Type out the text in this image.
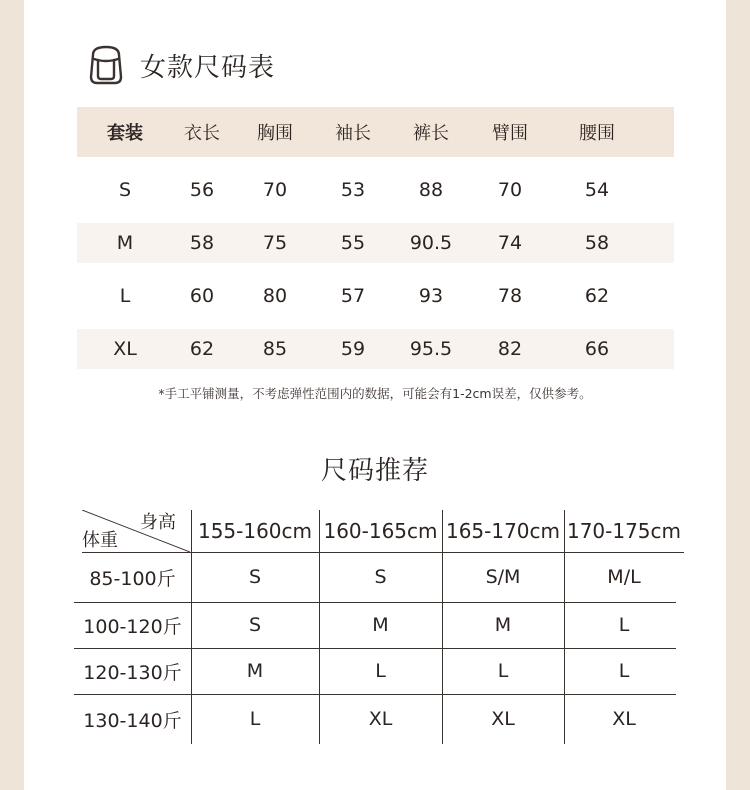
女款尺码表
套装	衣长	胸围	袖长	裤长	臂围	腰围
S	56	70	53	88	70	54
M	58	75	55	90.5	74	58
L	60	80	57	93	78	62
XL	62	85	59	95.5	82	66
*手工平铺测量，不考虑弹性范围内的数据，可能会有1-2cm误差，仅供参考。
尺码推荐
身高
体重	155-160cm 160-165cm 165-170cm 170-175cm
85-100斤	S	S	S/M	M/L
100-120斤	S	M	M	L
120-130斤	M	L	L	L
130-140斤	L	XL	XL	XL
